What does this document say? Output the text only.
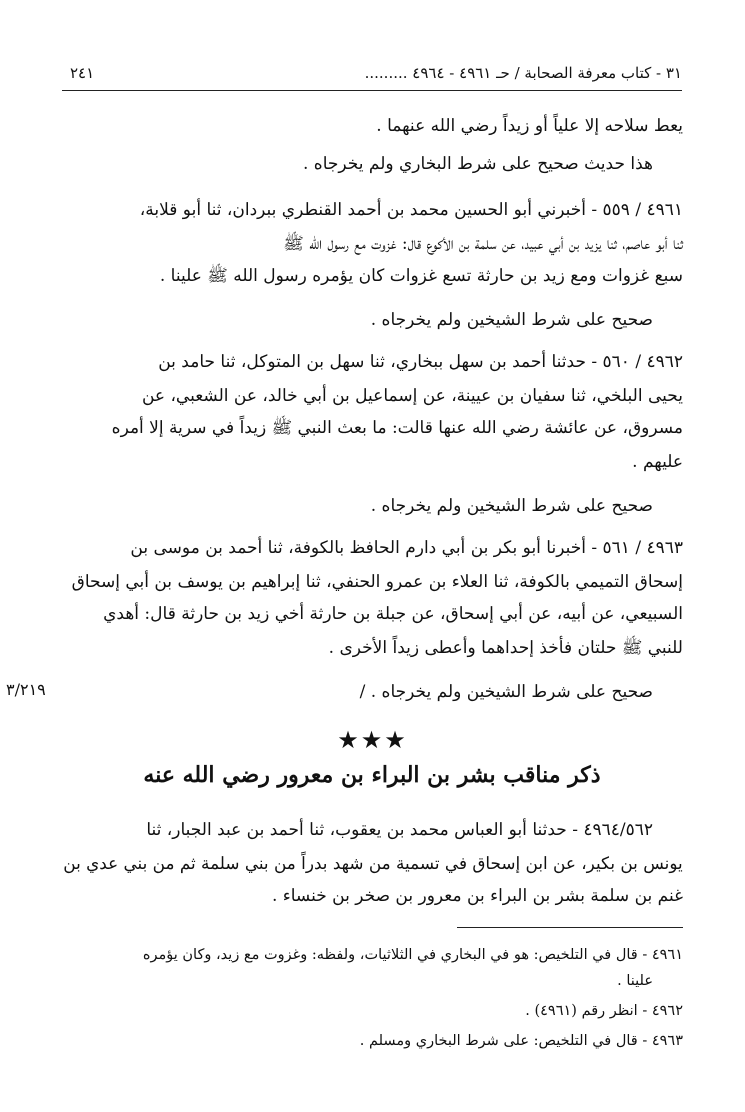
٣١ - كتاب معرفة الصحابة / حـ ٤٩٦١ - ٤٩٦٤ .........
٢٤١
يعط سلاحه إلا علياً أو زيداً رضي الله عنهما .
هذا حديث صحيح على شرط البخاري ولم يخرجاه .
٤٩٦١ / ٥٥٩ - أخبرني أبو الحسين محمد بن أحمد القنطري ببردان، ثنا أبو قلابة،
ثنا أبو عاصم، ثنا يزيد بن أبي عبيد، عن سلمة بن الأكوع قال: غزوت مع رسول الله ﷺ
سبع غزوات ومع زيد بن حارثة تسع غزوات كان يؤمره رسول الله ﷺ علينا .
صحيح على شرط الشيخين ولم يخرجاه .
٤٩٦٢ / ٥٦٠ - حدثنا أحمد بن سهل ببخاري، ثنا سهل بن المتوكل، ثنا حامد بن
يحيى البلخي، ثنا سفيان بن عيينة، عن إسماعيل بن أبي خالد، عن الشعبي، عن
مسروق، عن عائشة رضي الله عنها قالت: ما بعث النبي ﷺ زيداً في سرية إلا أمره
عليهم .
صحيح على شرط الشيخين ولم يخرجاه .
٤٩٦٣ / ٥٦١ - أخبرنا أبو بكر بن أبي دارم الحافظ بالكوفة، ثنا أحمد بن موسى بن
إسحاق التميمي بالكوفة، ثنا العلاء بن عمرو الحنفي، ثنا إبراهيم بن يوسف بن أبي إسحاق
السبيعي، عن أبيه، عن أبي إسحاق، عن جبلة بن حارثة أخي زيد بن حارثة قال: أهدي
للنبي ﷺ حلتان فأخذ إحداهما وأعطى زيداً الأخرى .
صحيح على شرط الشيخين ولم يخرجاه . /
٣/٢١٩
★★★
ذكر مناقب بشر بن البراء بن معرور رضي الله عنه
٤٩٦٤/٥٦٢ - حدثنا أبو العباس محمد بن يعقوب، ثنا أحمد بن عبد الجبار، ثنا
يونس بن بكير، عن ابن إسحاق في تسمية من شهد بدراً من بني سلمة ثم من بني عدي بن
غنم بن سلمة بشر بن البراء بن معرور بن صخر بن خنساء .
٤٩٦١ - قال في التلخيص: هو في البخاري في الثلاثيات، ولفظه: وغزوت مع زيد، وكان يؤمره
علينا .
٤٩٦٢ - انظر رقم (٤٩٦١) .
٤٩٦٣ - قال في التلخيص: على شرط البخاري ومسلم .
